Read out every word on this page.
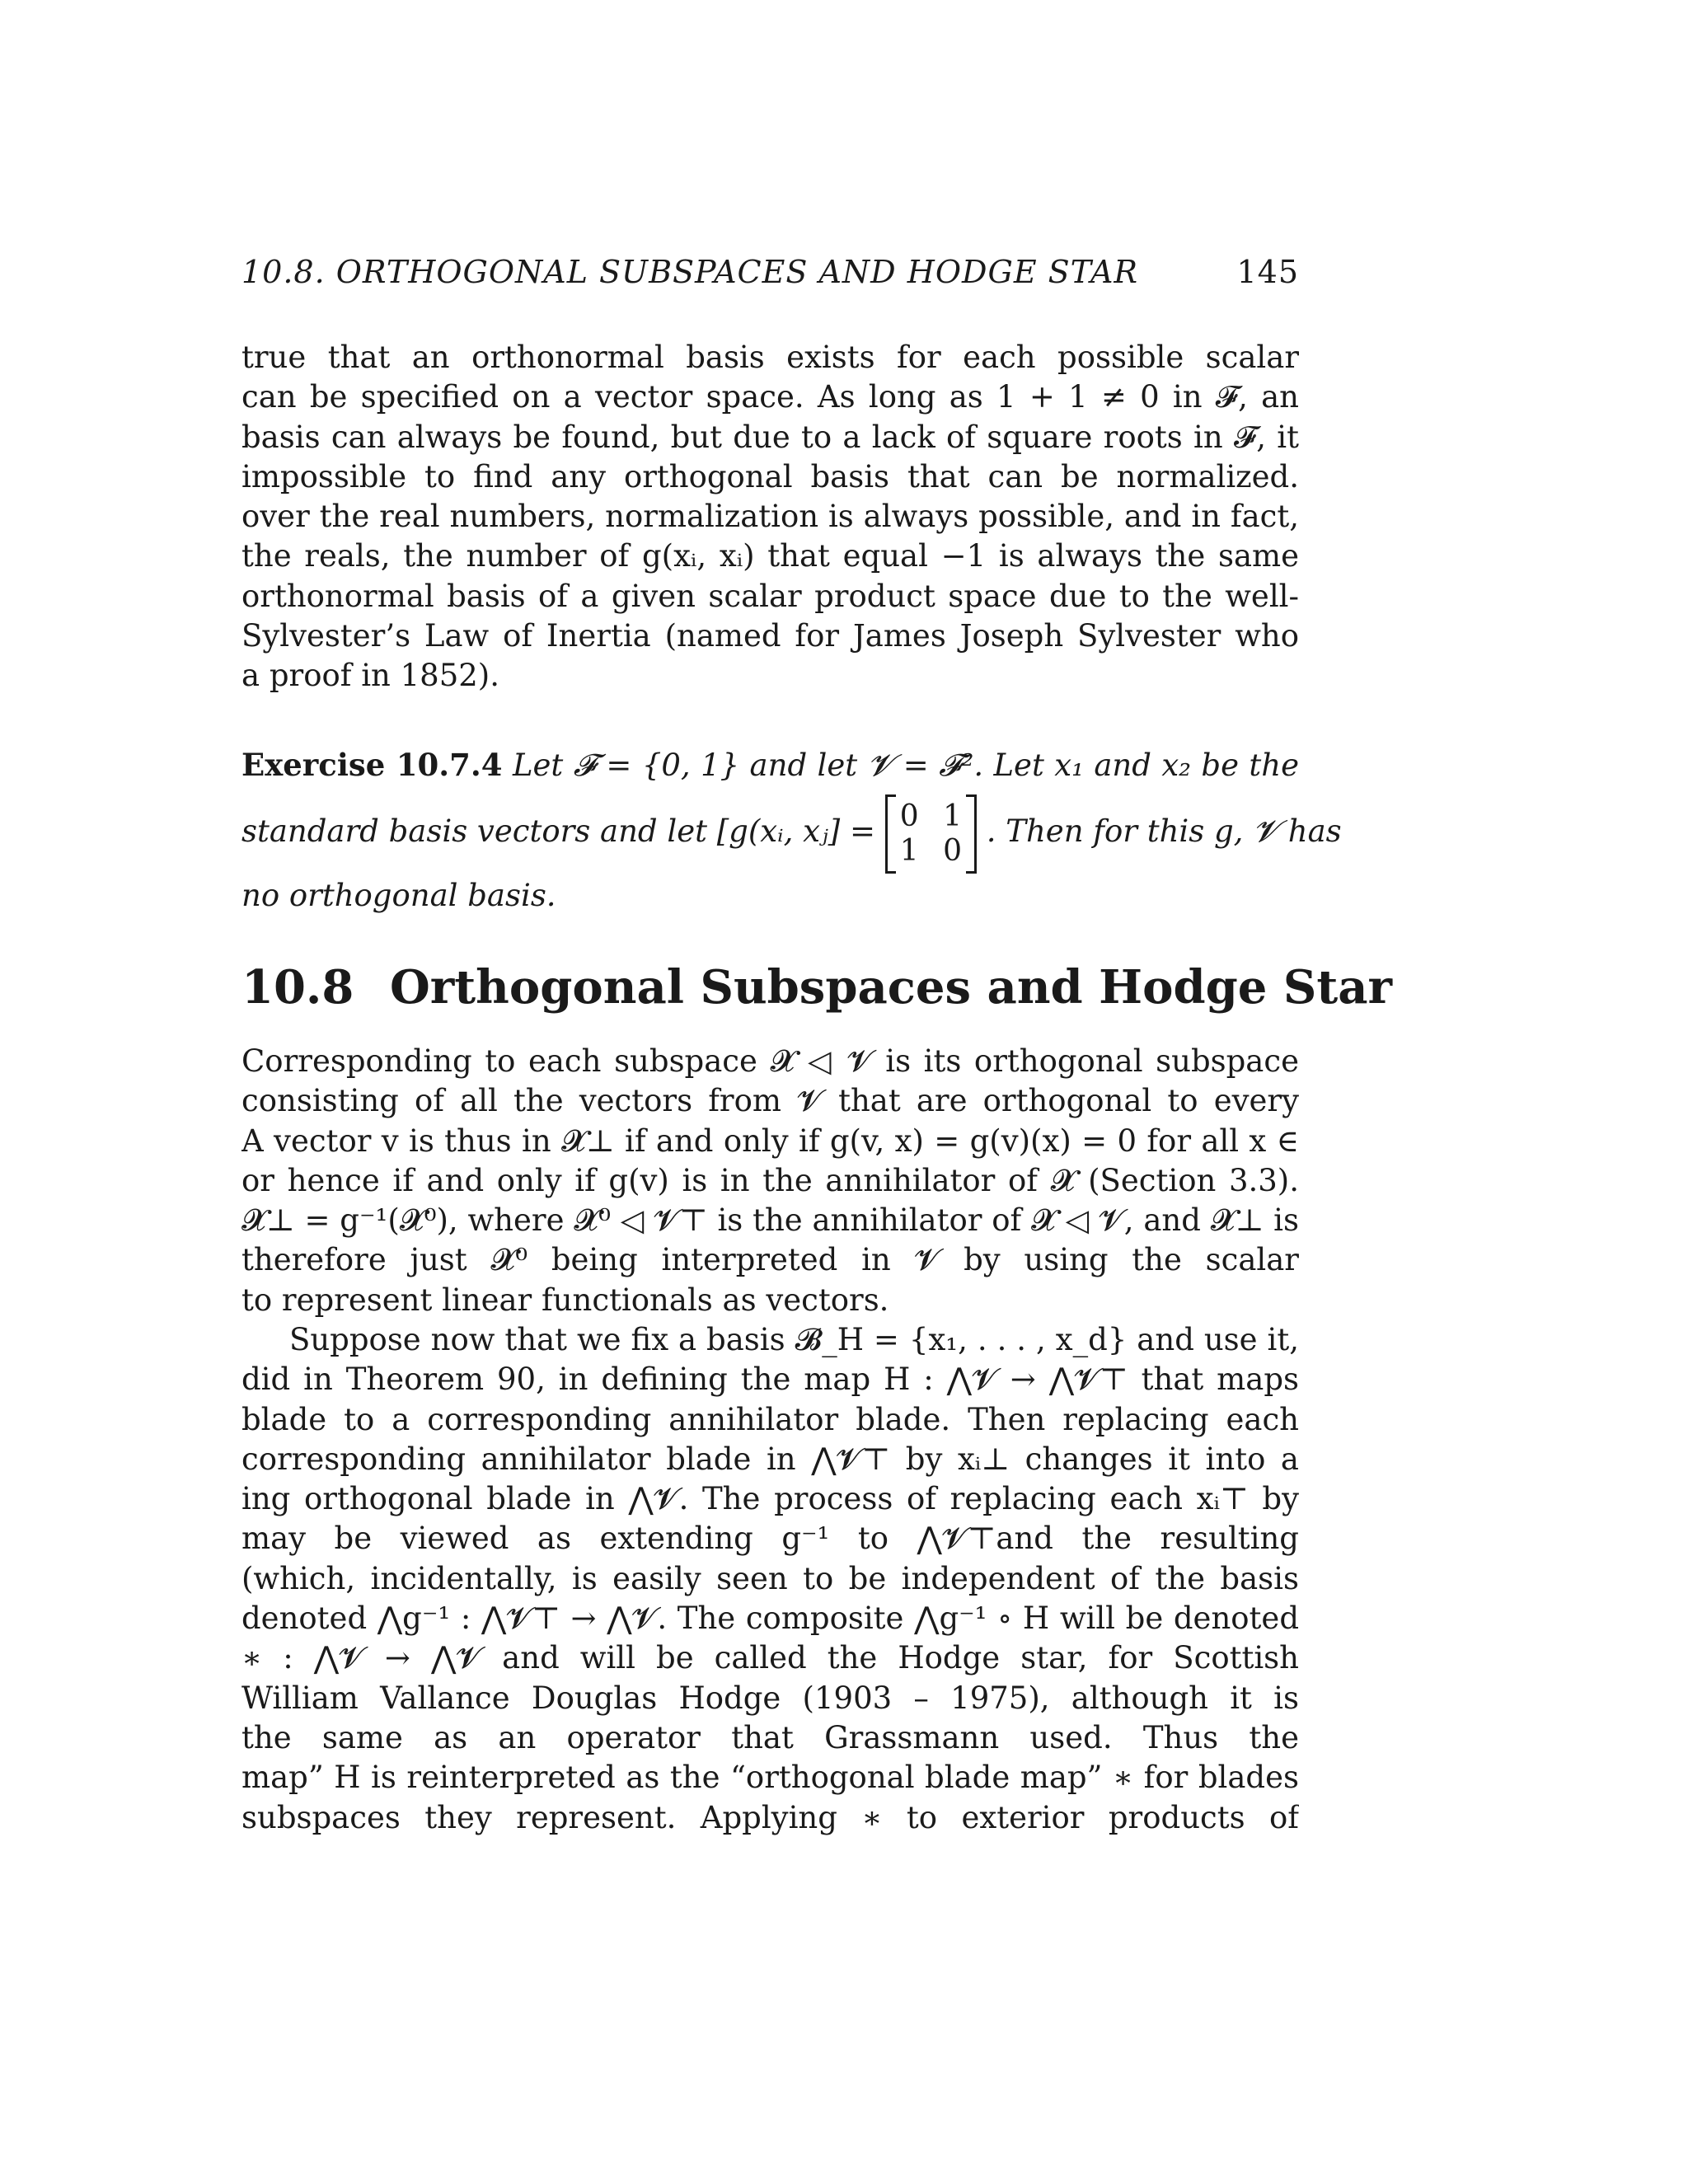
10.8. ORTHOGONAL SUBSPACES AND HODGE STAR	145
true that an orthonormal basis exists for each possible scalar
can be specified on a vector space. As long as 1 + 1 ≠ 0 in 𝓕, an
basis can always be found, but due to a lack of square roots in 𝓕, it
impossible to find any orthogonal basis that can be normalized.
over the real numbers, normalization is always possible, and in fact,
the reals, the number of g(xᵢ, xᵢ) that equal −1 is always the same
orthonormal basis of a given scalar product space due to the well-
Sylvester’s Law of Inertia (named for James Joseph Sylvester who
a proof in 1852).
Exercise 10.7.4 Let 𝓕 = {0, 1} and let 𝓥 = 𝓕². Let x₁ and x₂ be the
standard basis vectors and let [g(xᵢ, xⱼ] = 0 1
1 0
. Then for this g, 𝓥 has
no orthogonal basis.
10.8 Orthogonal Subspaces and Hodge Star
Corresponding to each subspace 𝓧 ◁ 𝓥 is its orthogonal subspace
consisting of all the vectors from 𝓥 that are orthogonal to every
A vector v is thus in 𝓧⊥ if and only if g(v, x) = g(v)(x) = 0 for all x ∈
or hence if and only if g(v) is in the annihilator of 𝓧 (Section 3.3).
𝓧⊥ = g⁻¹(𝓧⁰), where 𝓧⁰ ◁ 𝓥⊤ is the annihilator of 𝓧 ◁ 𝓥, and 𝓧⊥ is
therefore just 𝓧⁰ being interpreted in 𝓥 by using the scalar
to represent linear functionals as vectors.
Suppose now that we fix a basis 𝓑_H = {x₁, . . . , x_d} and use it,
did in Theorem 90, in defining the map H : ⋀𝓥 → ⋀𝓥⊤ that maps
blade to a corresponding annihilator blade. Then replacing each
corresponding annihilator blade in ⋀𝓥⊤ by xᵢ⊥ changes it into a
ing orthogonal blade in ⋀𝓥. The process of replacing each xᵢ⊤ by
may be viewed as extending g⁻¹ to ⋀𝓥⊤and the resulting
(which, incidentally, is easily seen to be independent of the basis
denoted ⋀g⁻¹ : ⋀𝓥⊤ → ⋀𝓥. The composite ⋀g⁻¹ ∘ H will be denoted
∗ : ⋀𝓥 → ⋀𝓥 and will be called the Hodge star, for Scottish
William Vallance Douglas Hodge (1903 – 1975), although it is
the same as an operator that Grassmann used. Thus the
map” H is reinterpreted as the “orthogonal blade map” ∗ for blades
subspaces they represent. Applying ∗ to exterior products of
